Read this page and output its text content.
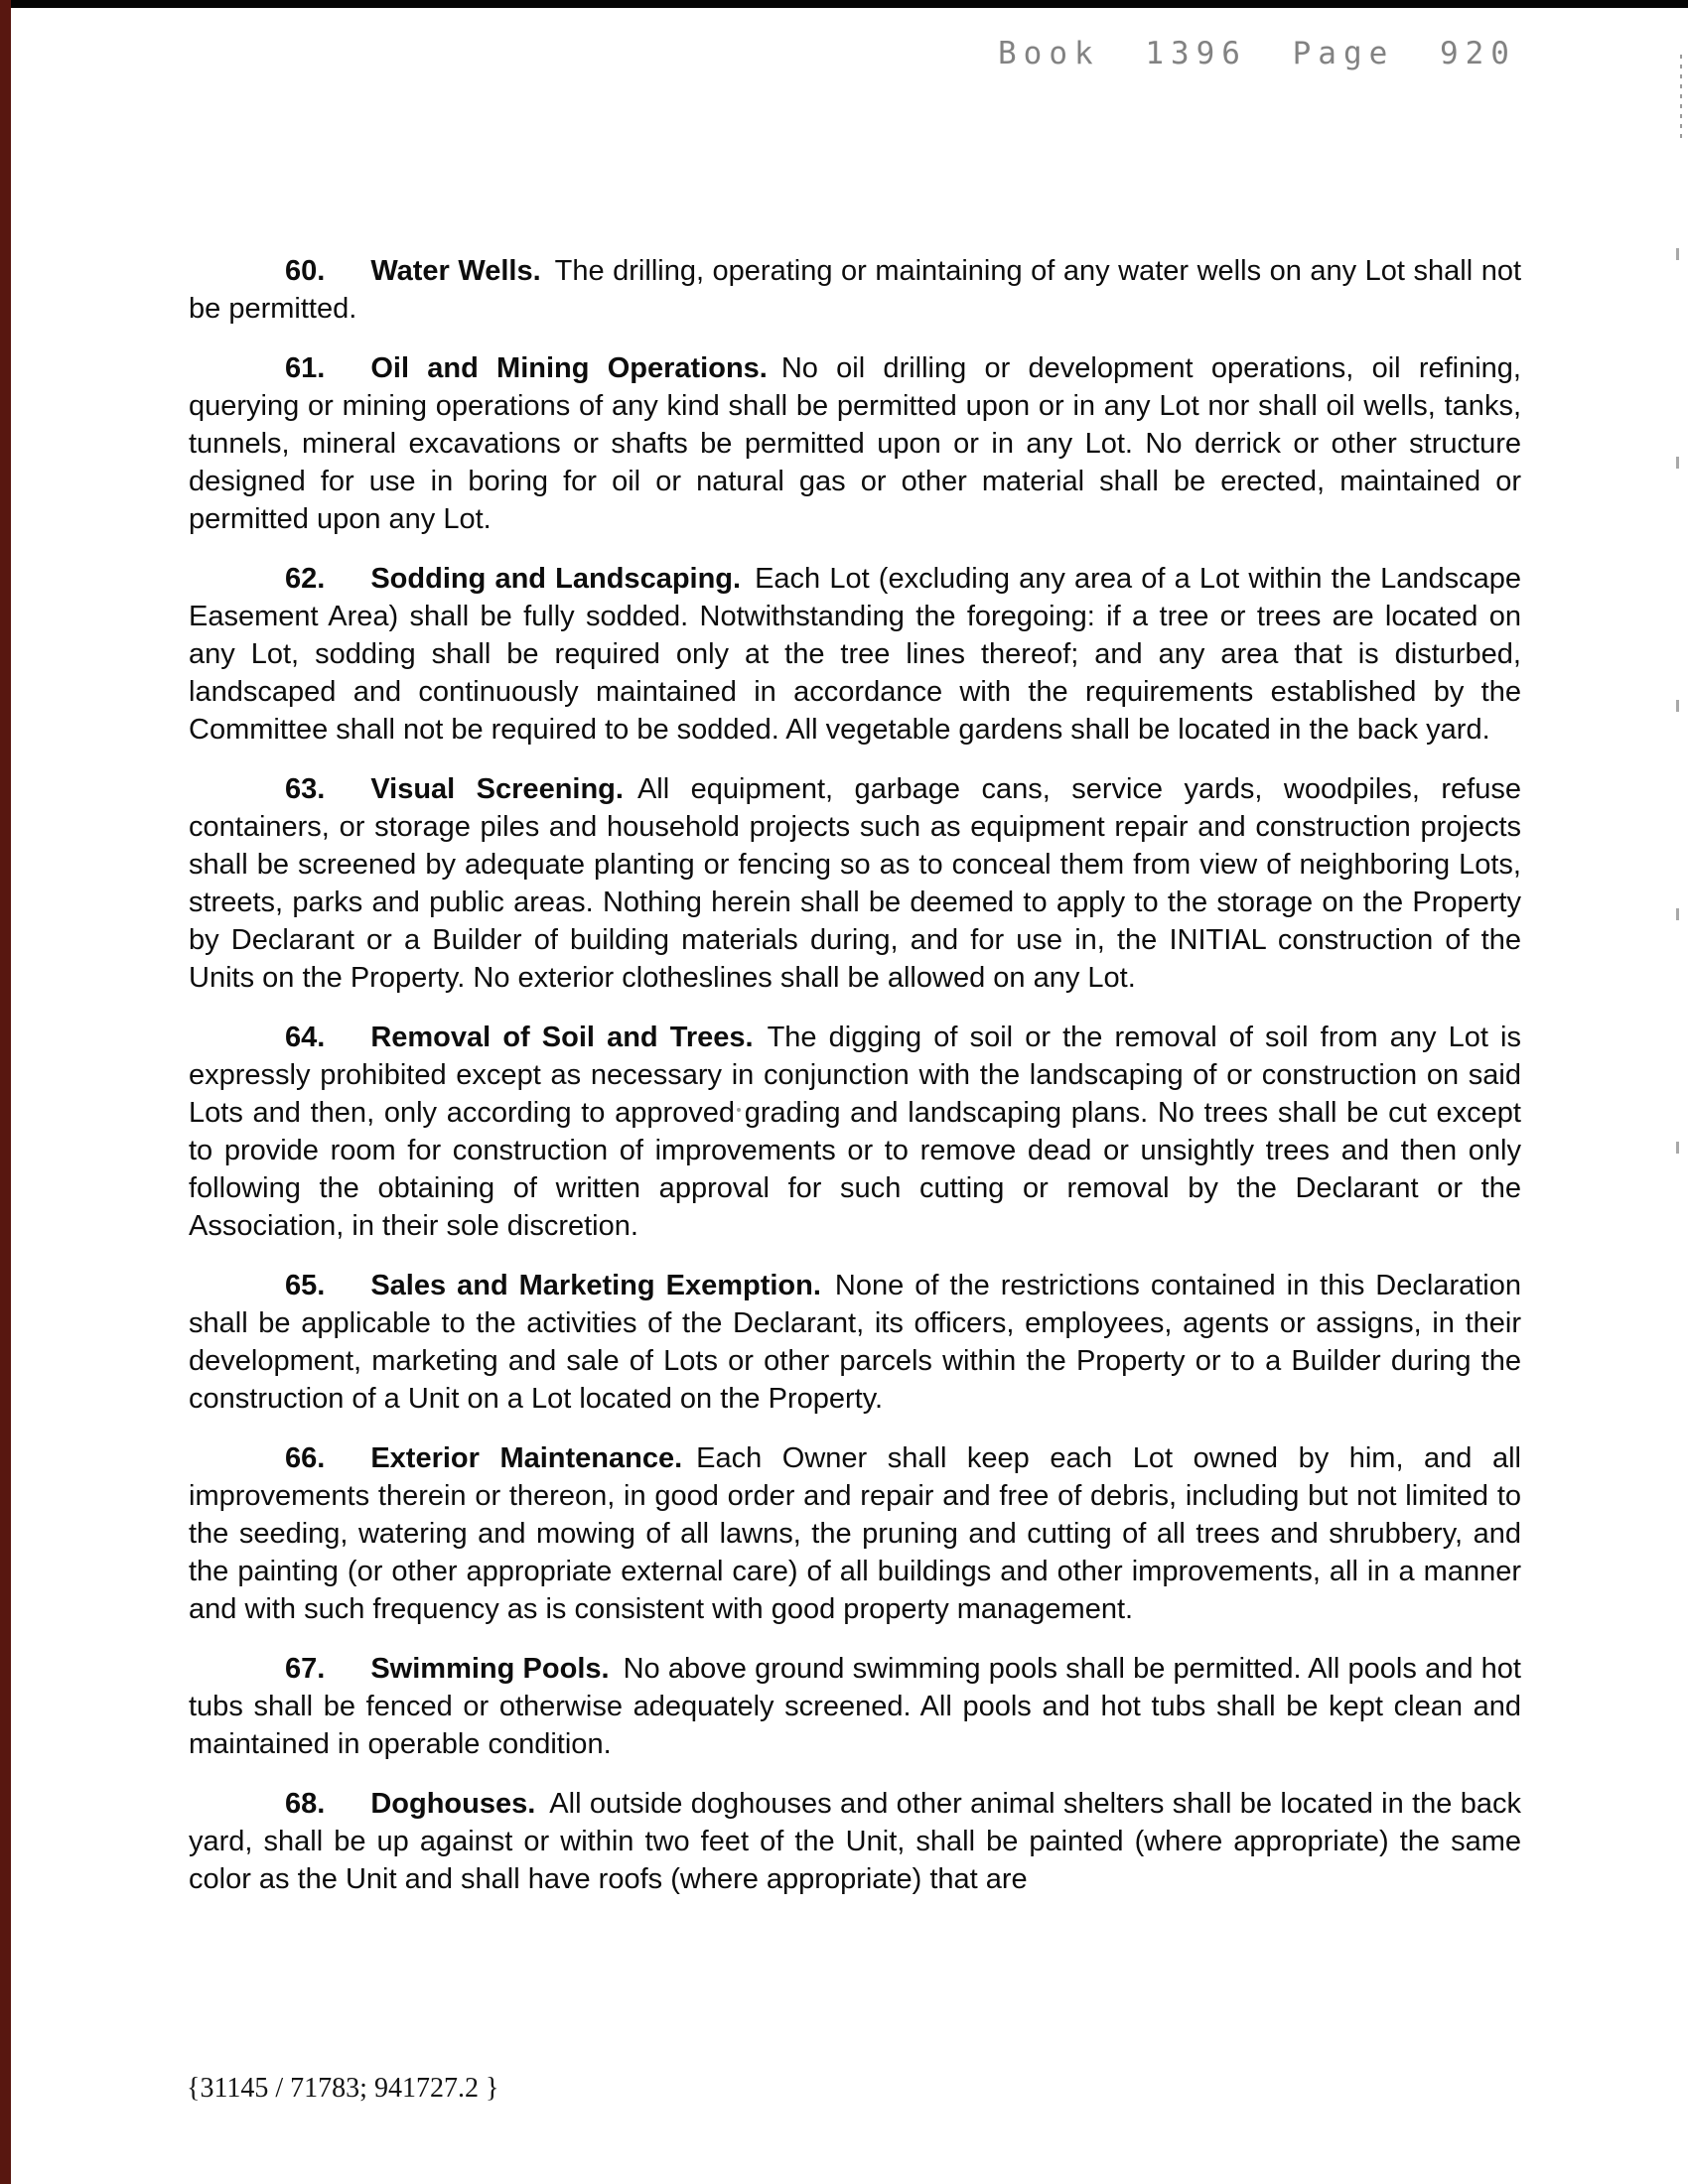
Book 1396 Page 920

60. Water Wells. The drilling, operating or maintaining of any water wells on any Lot shall not be permitted.

61. Oil and Mining Operations. No oil drilling or development operations, oil refining, querying or mining operations of any kind shall be permitted upon or in any Lot nor shall oil wells, tanks, tunnels, mineral excavations or shafts be permitted upon or in any Lot. No derrick or other structure designed for use in boring for oil or natural gas or other material shall be erected, maintained or permitted upon any Lot.

62. Sodding and Landscaping. Each Lot (excluding any area of a Lot within the Landscape Easement Area) shall be fully sodded. Notwithstanding the foregoing: if a tree or trees are located on any Lot, sodding shall be required only at the tree lines thereof; and any area that is disturbed, landscaped and continuously maintained in accordance with the requirements established by the Committee shall not be required to be sodded. All vegetable gardens shall be located in the back yard.

63. Visual Screening. All equipment, garbage cans, service yards, woodpiles, refuse containers, or storage piles and household projects such as equipment repair and construction projects shall be screened by adequate planting or fencing so as to conceal them from view of neighboring Lots, streets, parks and public areas. Nothing herein shall be deemed to apply to the storage on the Property by Declarant or a Builder of building materials during, and for use in, the INITIAL construction of the Units on the Property. No exterior clotheslines shall be allowed on any Lot.

64. Removal of Soil and Trees. The digging of soil or the removal of soil from any Lot is expressly prohibited except as necessary in conjunction with the landscaping of or construction on said Lots and then, only according to approved grading and landscaping plans. No trees shall be cut except to provide room for construction of improvements or to remove dead or unsightly trees and then only following the obtaining of written approval for such cutting or removal by the Declarant or the Association, in their sole discretion.

65. Sales and Marketing Exemption. None of the restrictions contained in this Declaration shall be applicable to the activities of the Declarant, its officers, employees, agents or assigns, in their development, marketing and sale of Lots or other parcels within the Property or to a Builder during the construction of a Unit on a Lot located on the Property.

66. Exterior Maintenance. Each Owner shall keep each Lot owned by him, and all improvements therein or thereon, in good order and repair and free of debris, including but not limited to the seeding, watering and mowing of all lawns, the pruning and cutting of all trees and shrubbery, and the painting (or other appropriate external care) of all buildings and other improvements, all in a manner and with such frequency as is consistent with good property management.

67. Swimming Pools. No above ground swimming pools shall be permitted. All pools and hot tubs shall be fenced or otherwise adequately screened. All pools and hot tubs shall be kept clean and maintained in operable condition.

68. Doghouses. All outside doghouses and other animal shelters shall be located in the back yard, shall be up against or within two feet of the Unit, shall be painted (where appropriate) the same color as the Unit and shall have roofs (where appropriate) that are

{31145 / 71783; 941727.2 }
